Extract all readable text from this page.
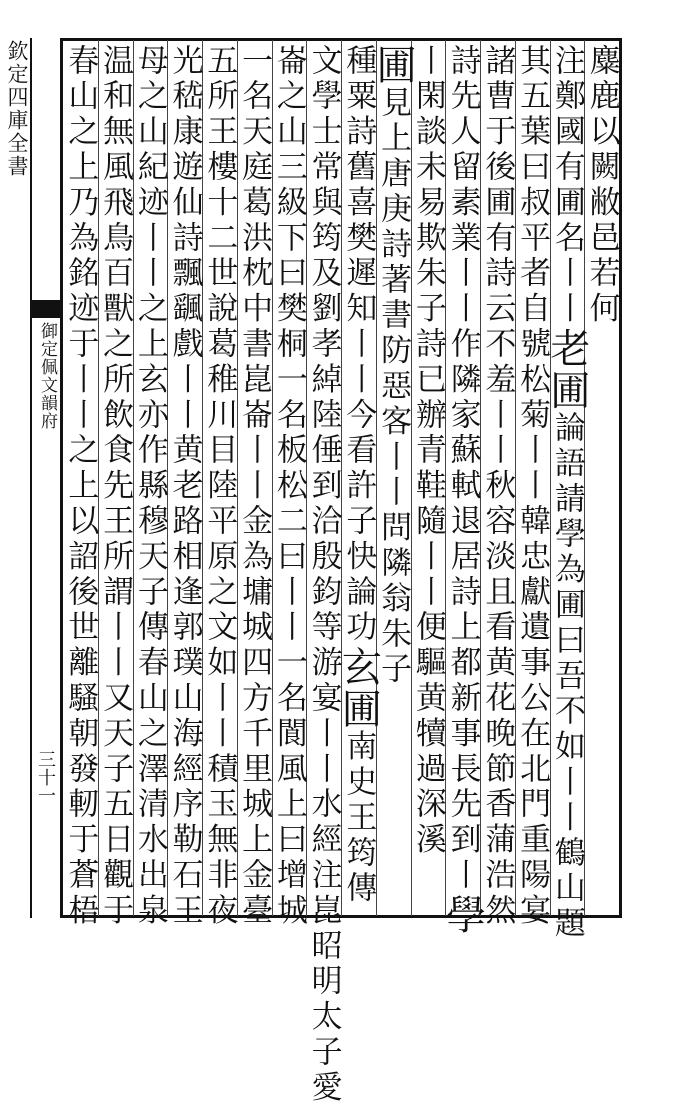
欽定四庫全書
御定佩文韻府
三十一
麋鹿以闕敝邑若何
注鄭國有圃名丨丨老圃論語請學為圃曰吾不如丨丨鶴山題
其五葉曰叔平者自號松菊丨丨韓忠獻遺事公在北門重陽宴
諸曹于後圃有詩云不羞丨丨秋容淡且看黄花晚節香蒲浩然
詩先人留素業丨丨作隣家蘇軾退居詩上都新事長先到丨學
丨閑談未易欺朱子詩已辦青鞋隨丨丨便驅黄犢過深溪
圃見上唐庚詩著書防惡客丨丨問隣翁朱子
種粟詩舊喜樊遲知丨丨今看許子快論功玄圃南史王筠傳
文學士常與筠及劉孝綽陸倕到洽殷鈞等游宴丨丨水經注崑昭明太子愛
崙之山三級下曰樊桐一名板松二曰丨丨一名閬風上曰增城
一名天庭葛洪枕中書崑崙丨丨金為墉城四方千里城上金臺
五所王樓十二世說葛稚川目陸平原之文如丨丨積玉無非夜
光嵇康遊仙詩飄颻戲丨丨黄老路相逢郭璞山海經序勒石王
母之山紀迹丨丨之上玄亦作縣穆天子傳春山之澤清水出泉
温和無風飛鳥百獸之所飲食先王所謂丨丨又天子五日觀于
春山之上乃為銘迹于丨丨之上以詔後世離騷朝發軔于蒼梧
